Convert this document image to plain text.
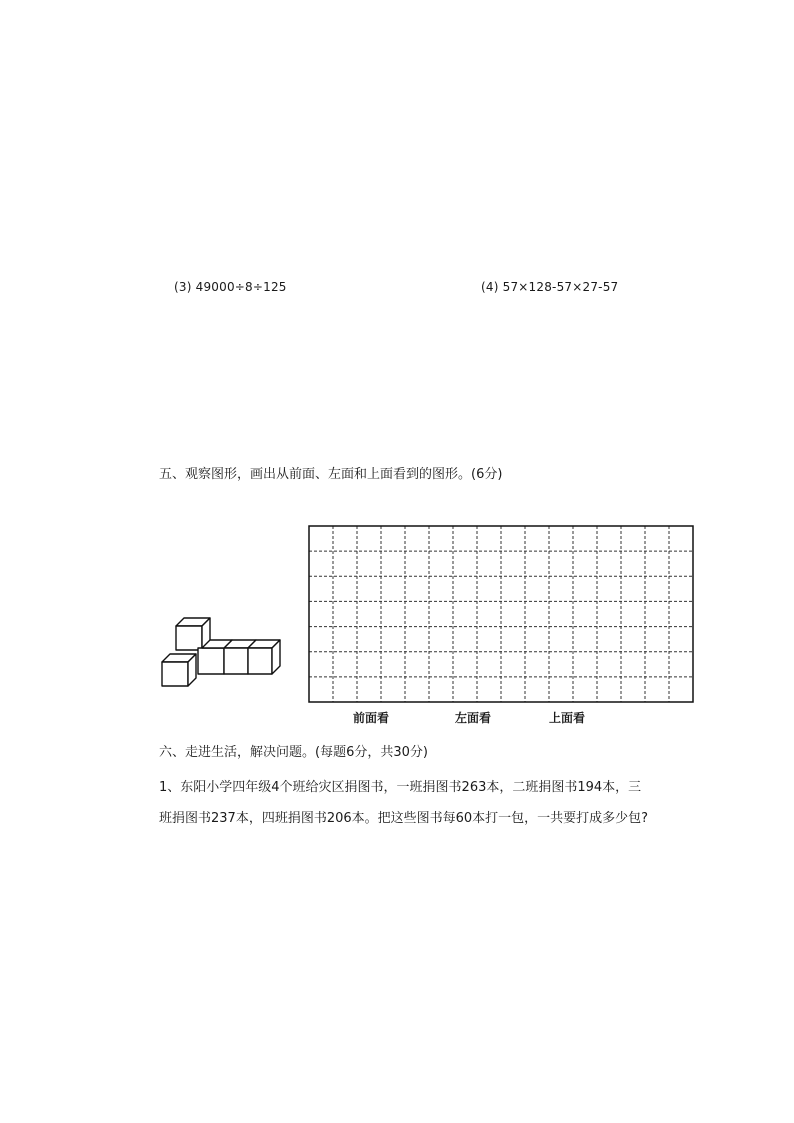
(3) 49000÷8÷125	(4) 57×128-57×27-57
五、观察图形，画出从前面、左面和上面看到的图形。(6分)
前面看	左面看	上面看
六、走进生活，解决问题。(每题6分，共30分)
1、东阳小学四年级4个班给灾区捐图书，一班捐图书263本，二班捐图书194本，三
班捐图书237本，四班捐图书206本。把这些图书每60本打一包，一共要打成多少包?
